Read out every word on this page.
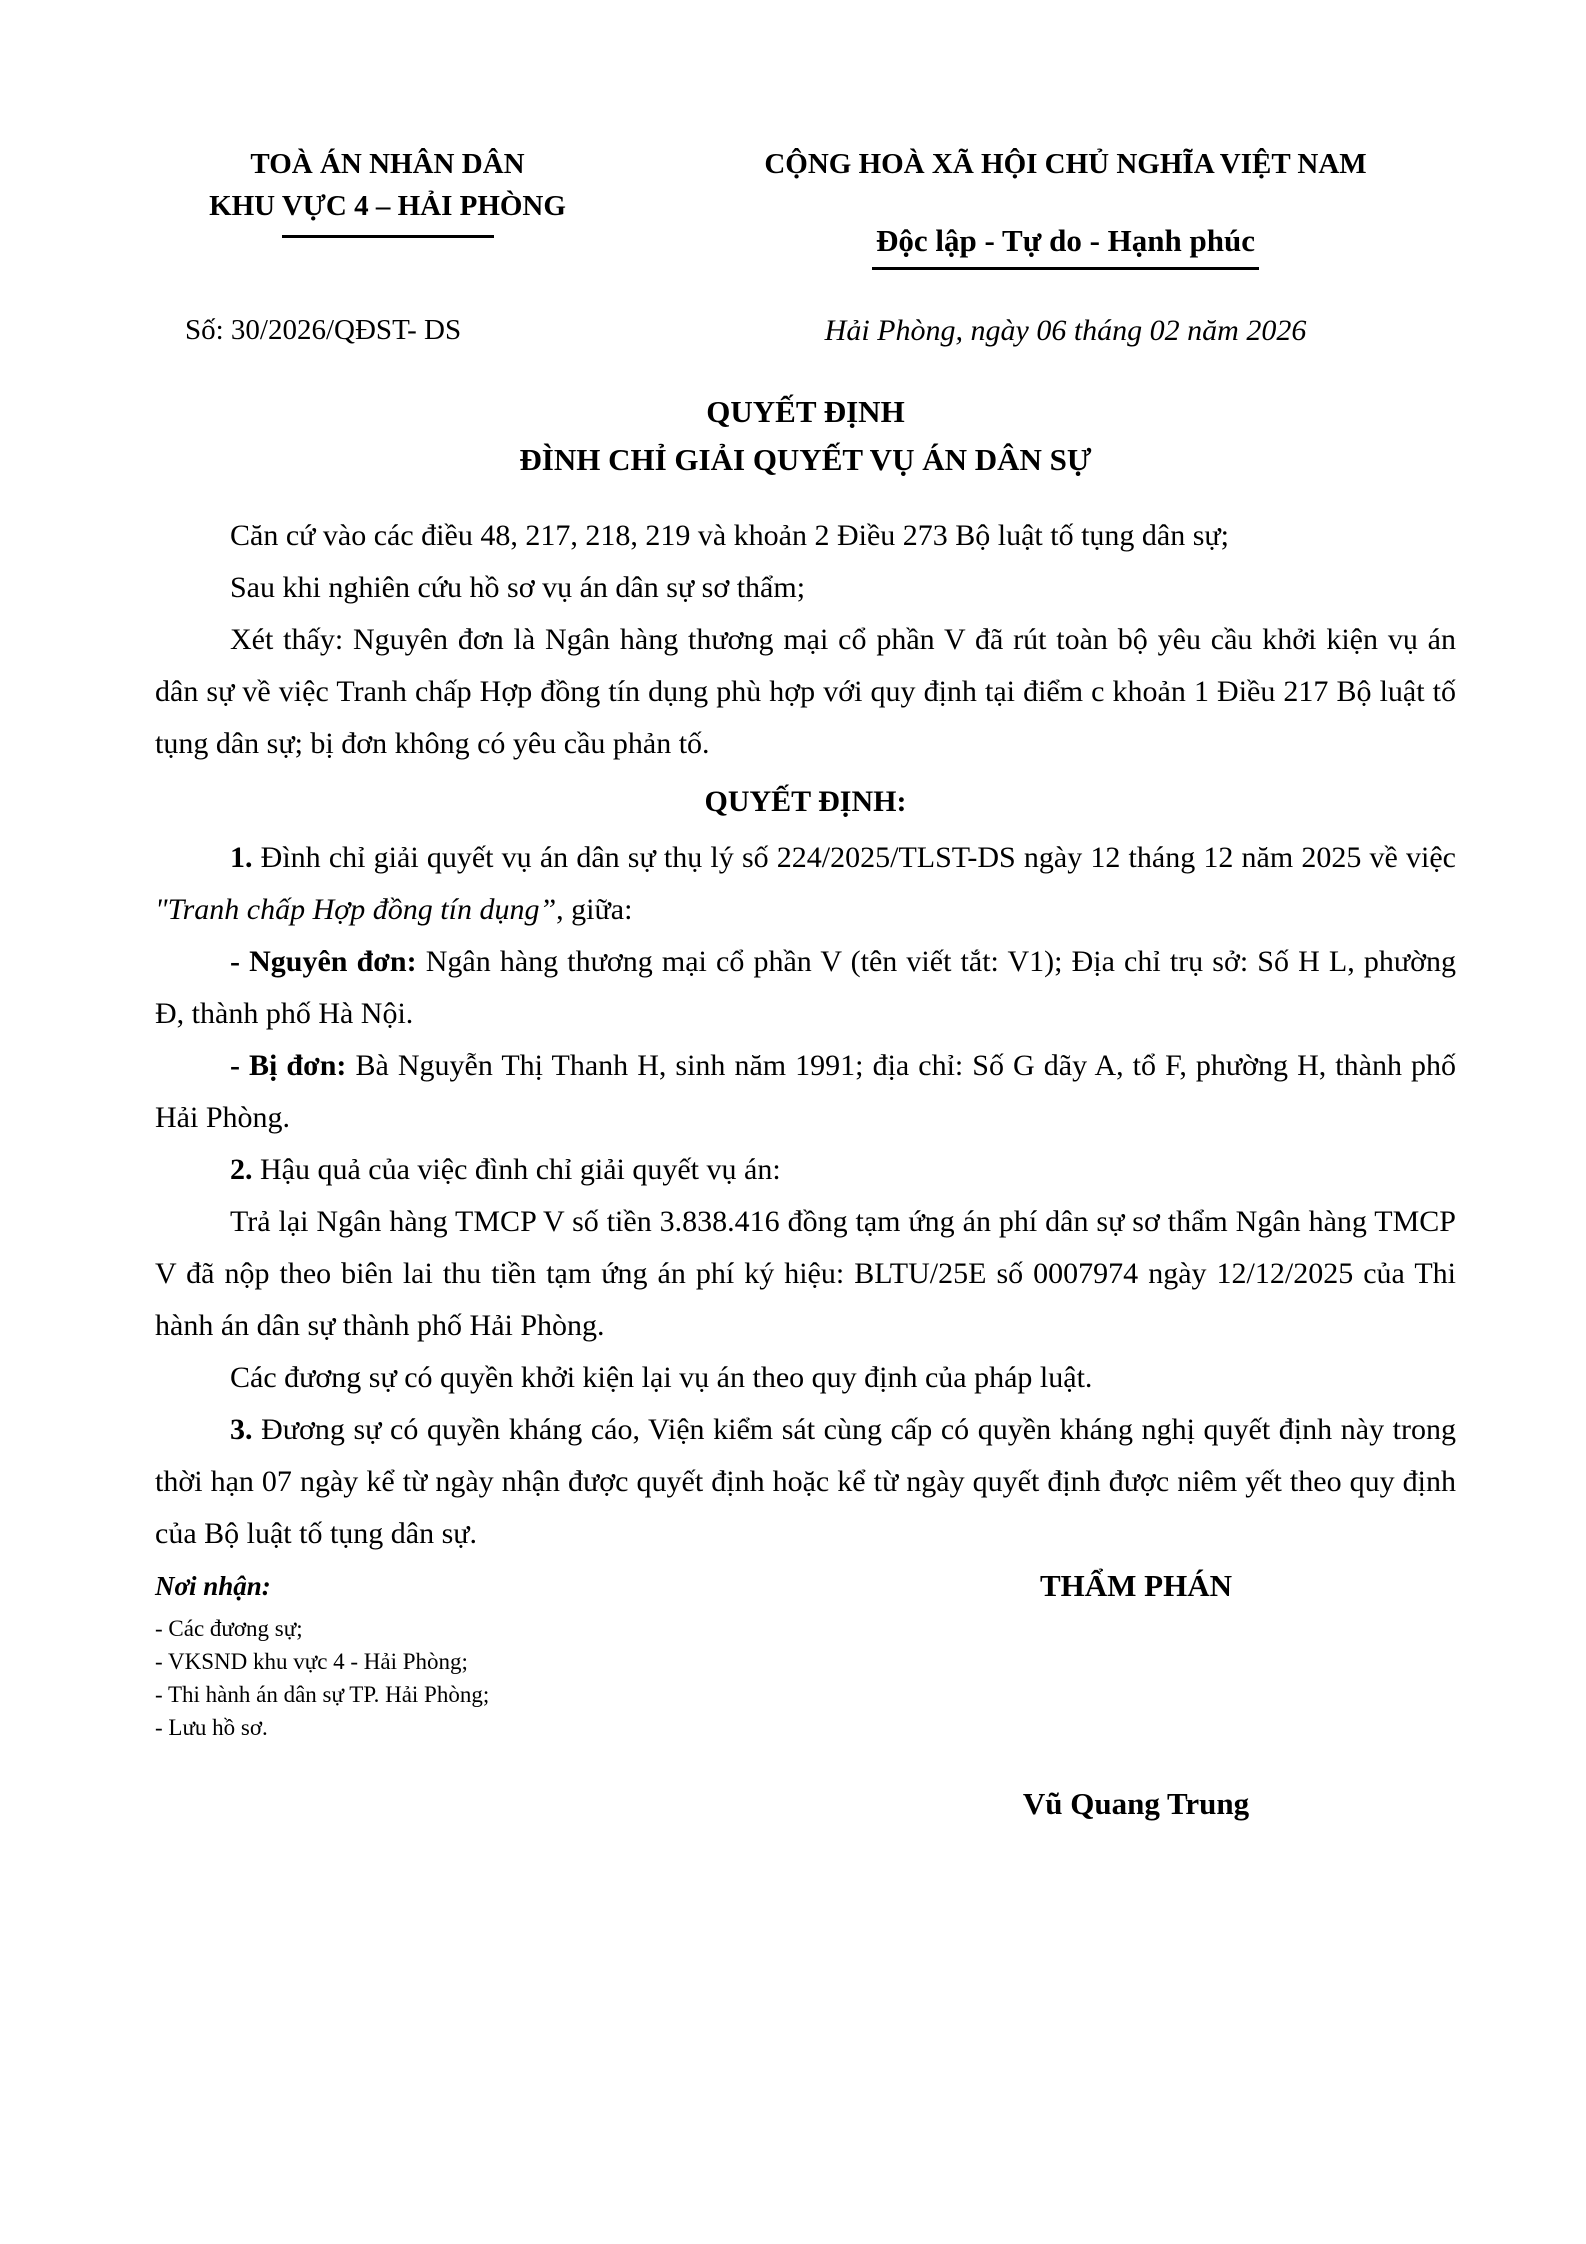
TOÀ ÁN NHÂN DÂN
KHU VỰC 4 – HẢI PHÒNG
CỘNG HOÀ XÃ HỘI CHỦ NGHĨA VIỆT NAM

Độc lập - Tự do - Hạnh phúc
Số: 30/2026/QĐST- DS	Hải Phòng, ngày 06 tháng 02 năm 2026
QUYẾT ĐỊNH
ĐÌNH CHỈ GIẢI QUYẾT VỤ ÁN DÂN SỰ

Căn cứ vào các điều 48, 217, 218, 219 và khoản 2 Điều 273 Bộ luật tố tụng dân sự;

Sau khi nghiên cứu hồ sơ vụ án dân sự sơ thẩm;

Xét thấy: Nguyên đơn là Ngân hàng thương mại cổ phần V đã rút toàn bộ yêu cầu khởi kiện vụ án dân sự về việc Tranh chấp Hợp đồng tín dụng phù hợp với quy định tại điểm c khoản 1 Điều 217 Bộ luật tố tụng dân sự; bị đơn không có yêu cầu phản tố.

QUYẾT ĐỊNH:

1. Đình chỉ giải quyết vụ án dân sự thụ lý số 224/2025/TLST-DS ngày 12 tháng 12 năm 2025 về việc "Tranh chấp Hợp đồng tín dụng”, giữa:

- Nguyên đơn: Ngân hàng thương mại cổ phần V (tên viết tắt: V1); Địa chỉ trụ sở: Số H L, phường Đ, thành phố Hà Nội.

- Bị đơn: Bà Nguyễn Thị Thanh H, sinh năm 1991; địa chỉ: Số G dãy A, tổ F, phường H, thành phố Hải Phòng.

2. Hậu quả của việc đình chỉ giải quyết vụ án:

Trả lại Ngân hàng TMCP V số tiền 3.838.416 đồng tạm ứng án phí dân sự sơ thẩm Ngân hàng TMCP V đã nộp theo biên lai thu tiền tạm ứng án phí ký hiệu: BLTU/25E số 0007974 ngày 12/12/2025 của Thi hành án dân sự thành phố Hải Phòng.

Các đương sự có quyền khởi kiện lại vụ án theo quy định của pháp luật.

3. Đương sự có quyền kháng cáo, Viện kiểm sát cùng cấp có quyền kháng nghị quyết định này trong thời hạn 07 ngày kể từ ngày nhận được quyết định hoặc kể từ ngày quyết định được niêm yết theo quy định của Bộ luật tố tụng dân sự.

Nơi nhận:
- Các đương sự;
- VKSND khu vực 4 - Hải Phòng;
- Thi hành án dân sự TP. Hải Phòng;
- Lưu hồ sơ.
THẨM PHÁN
Vũ Quang Trung
